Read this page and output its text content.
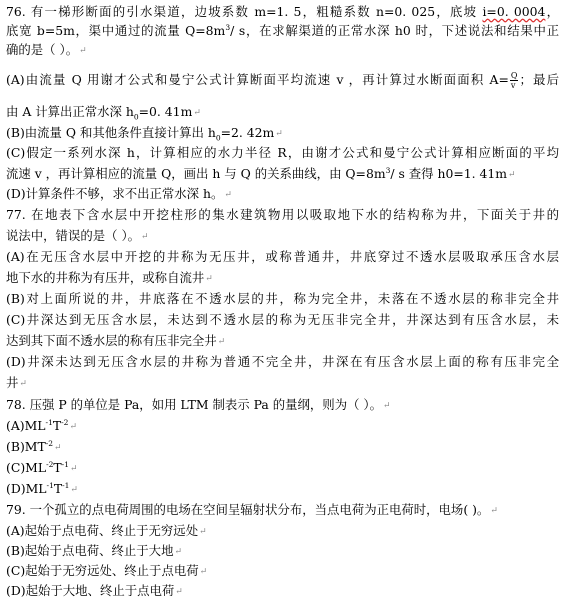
76. 有一梯形断面的引水渠道，边坡系数 m=1. 5，粗糙系数 n=0. 025，底坡 i=0. 0004，
底宽 b=5m，渠中通过的流量 $Q=8m^3/$ s，在求解渠道的正常水深 h0 时，下述说法和结果中正
确的是（ ）。↵
(A)由流量 Q 用谢才公式和曼宁公式计算断面平均流速 v ，再计算过水断面面积 $A= \frac{Q}{v}$ ；最后
由 A 计算出正常水深 $h_0=0$. 41m↵
(B)由流量 Q 和其他条件直接计算出 $h_0=2$. 42m↵
(C)假定一系列水深 h，计算相应的水力半径 R，由谢才公式和曼宁公式计算相应断面的平均
流速 v ，再计算相应的流量 Q，画出 h 与 Q 的关系曲线，由 $Q=8m^3/$ s 查得 h0=1. 41m↵
(D)计算条件不够，求不出正常水深 h。↵
77. 在地表下含水层中开挖柱形的集水建筑物用以吸取地下水的结构称为井，下面关于井的
说法中，错误的是（ ）。↵
(A)在无压含水层中开挖的井称为无压井，或称普通井，井底穿过不透水层吸取承压含水层
地下水的井称为有压井，或称自流井↵
(B)对上面所说的井，井底落在不透水层的井，称为完全井，未落在不透水层的称非完全井
(C)井深达到无压含水层，未达到不透水层的称为无压非完全井，井深达到有压含水层，未
达到其下面不透水层的称有压非完全井↵
(D)井深未达到无压含水层的井称为普通不完全井，井深在有压含水层上面的称有压非完全
井↵
78. 压强 P 的单位是 Pa，如用 LTM 制表示 Pa 的量纲，则为（ ）。↵
$(A)ML^{-1}T^{-2}↵$
$(B)MT^{-2}↵$
$(C)ML^{-2}T^{-1}↵$
$(D)ML^{-1}T^{-1}↵$
79. 一个孤立的点电荷周围的电场在空间呈辐射状分布，当点电荷为正电荷时，电场( )。↵
(A)起始于点电荷、终止于无穷远处↵
(B)起始于点电荷、终止于大地↵
(C)起始于无穷远处、终止于点电荷↵
(D)起始于大地、终止于点电荷↵
